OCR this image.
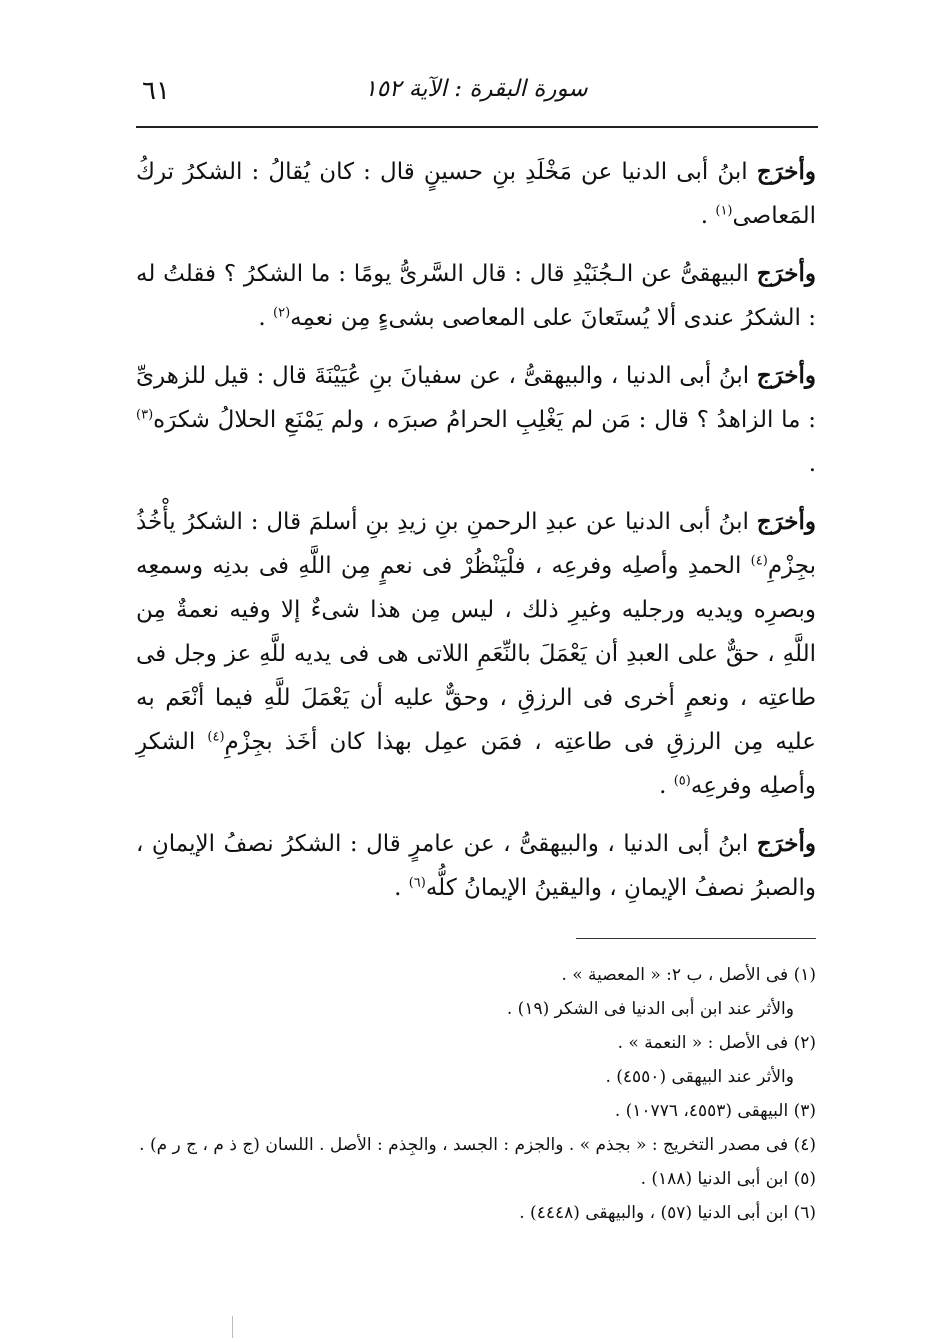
٦١	سورة البقرة : الآية ١٥٢

وأخرَج ابنُ أبى الدنيا عن مَخْلَدِ بنِ حسينٍ قال : كان يُقالُ : الشكرُ تركُ المَعاصى$^{(١)}$ .

وأخرَج البيهقىُّ عن الـجُنَيْدِ قال : قال السَّرىُّ يومًا : ما الشكرُ ؟ فقلتُ له : الشكرُ عندى ألا يُستَعانَ على المعاصى بشىءٍ مِن نعمِه$^{(٢)}$ .

وأخرَج ابنُ أبى الدنيا ، والبيهقىُّ ، عن سفيانَ بنِ عُيَيْنَةَ قال : قيل للزهرىِّ : ما الزاهدُ ؟ قال : مَن لم يَغْلِبِ الحرامُ صبرَه ، ولم يَمْنَعِ الحلالُ شكرَه$^{(٣)}$ .

وأخرَج ابنُ أبى الدنيا عن عبدِ الرحمنِ بنِ زيدِ بنِ أسلمَ قال : الشكرُ يأْخُذُ بجِزْمِ$^{(٤)}$ الحمدِ وأصلِه وفرعِه ، فلْيَنْظُرْ فى نعمٍ مِن اللَّهِ فى بدنِه وسمعِه وبصرِه ويديه ورجليه وغيرِ ذلك ، ليس مِن هذا شىءٌ إلا وفيه نعمةٌ مِن اللَّهِ ، حقٌّ على العبدِ أن يَعْمَلَ بالنِّعَمِ اللاتى هى فى يديه للَّهِ عز وجل فى طاعتِه ، ونعمٍ أخرى فى الرزقِ ، وحقٌّ عليه أن يَعْمَلَ للَّهِ فيما أنْعَم به عليه مِن الرزقِ فى طاعتِه ، فمَن عمِل بهذا كان أخَذ بجِزْمِ$^{(٤)}$ الشكرِ وأصلِه وفرعِه$^{(٥)}$ .

وأخرَج ابنُ أبى الدنيا ، والبيهقىُّ ، عن عامرٍ قال : الشكرُ نصفُ الإيمانِ ، والصبرُ نصفُ الإيمانِ ، واليقينُ الإيمانُ كلُّه$^{(٦)}$ .

(١) فى الأصل ، ب ٢: « المعصية » .

والأثر عند ابن أبى الدنيا فى الشكر (١٩) .

(٢) فى الأصل : « النعمة » .

والأثر عند البيهقى (٤٥٥٠) .

(٣) البيهقى (٤٥٥٣، ١٠٧٧٦) .

(٤) فى مصدر التخريج : « بجذم » . والجزم : الجسد ، والجِذم : الأصل . اللسان (ج ذ م ، ج ر م) .

(٥) ابن أبى الدنيا (١٨٨) .

(٦) ابن أبى الدنيا (٥٧) ، والبيهقى (٤٤٤٨) .
